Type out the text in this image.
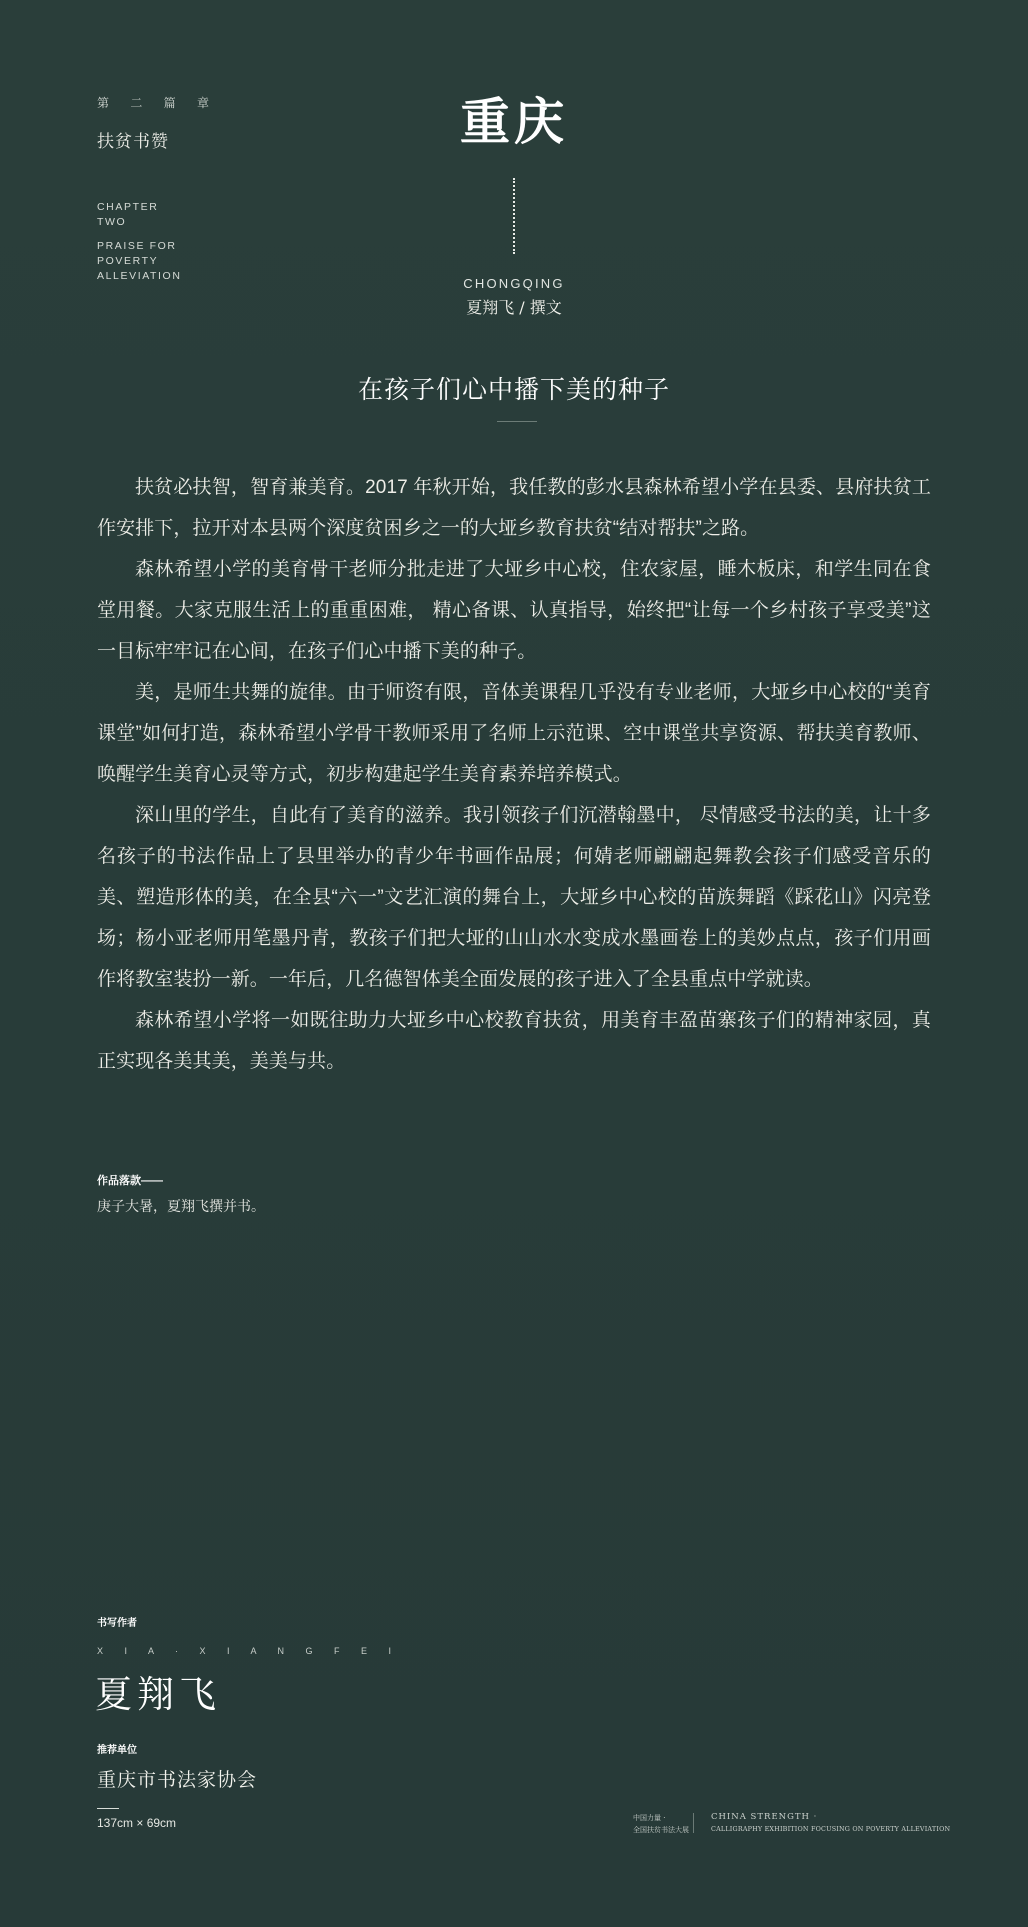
第 二 篇 章
扶贫书赞
CHAPTER
TWO
PRAISE FOR
POVERTY
ALLEVIATION
重庆
CHONGQING
夏翔飞 / 撰文
在孩子们心中播下美的种子

扶贫必扶智，智育兼美育。2017 年秋开始，我任教的彭水县森林希望小学在县委、县府扶贫工作安排下，拉开对本县两个深度贫困乡之一的大垭乡教育扶贫“结对帮扶”之路。

森林希望小学的美育骨干老师分批走进了大垭乡中心校，住农家屋，睡木板床，和学生同在食堂用餐。大家克服生活上的重重困难， 精心备课、认真指导，始终把“让每一个乡村孩子享受美”这一目标牢牢记在心间，在孩子们心中播下美的种子。

美，是师生共舞的旋律。由于师资有限，音体美课程几乎没有专业老师，大垭乡中心校的“美育课堂”如何打造，森林希望小学骨干教师采用了名师上示范课、空中课堂共享资源、帮扶美育教师、唤醒学生美育心灵等方式，初步构建起学生美育素养培养模式。

深山里的学生，自此有了美育的滋养。我引领孩子们沉潜翰墨中， 尽情感受书法的美，让十多名孩子的书法作品上了县里举办的青少年书画作品展；何婧老师翩翩起舞教会孩子们感受音乐的美、塑造形体的美，在全县“六一”文艺汇演的舞台上，大垭乡中心校的苗族舞蹈《踩花山》闪亮登场；杨小亚老师用笔墨丹青，教孩子们把大垭的山山水水变成水墨画卷上的美妙点点，孩子们用画作将教室装扮一新。一年后，几名德智体美全面发展的孩子进入了全县重点中学就读。

森林希望小学将一如既往助力大垭乡中心校教育扶贫，用美育丰盈苗寨孩子们的精神家园，真正实现各美其美，美美与共。

作品落款——
庚子大暑，夏翔飞撰并书。
书写作者
X I A · X I A N G F E I
夏翔飞
推荐单位
重庆市书法家协会
137cm × 69cm	中国力量 ·
全国扶贫书法大展
CHINA STRENGTH ·
CALLIGRAPHY EXHIBITION FOCUSING ON POVERTY ALLEVIATION
